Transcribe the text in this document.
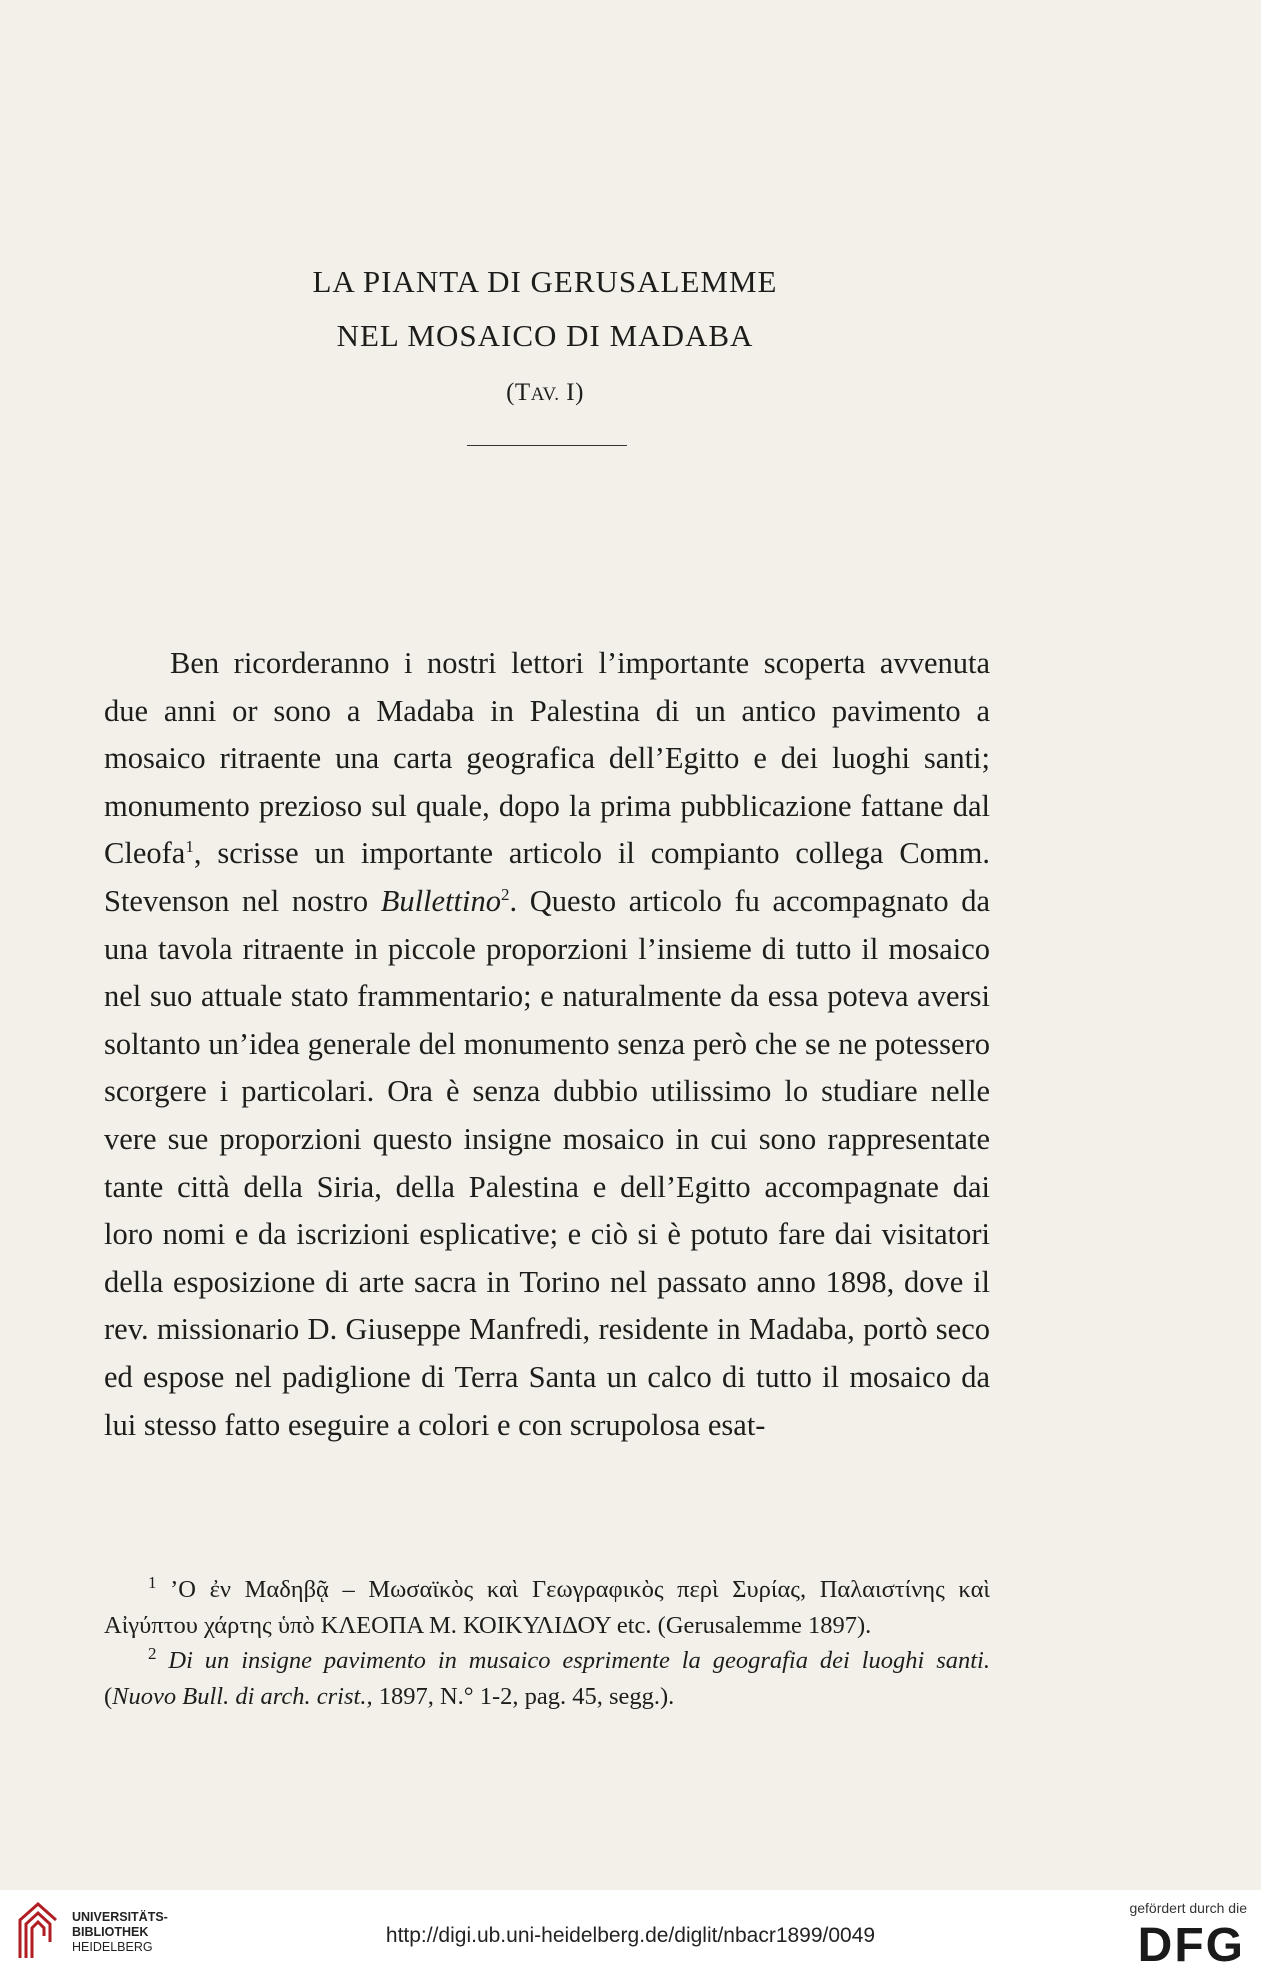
LA PIANTA DI GERUSALEMME
NEL MOSAICO DI MADABA
(TAV. I)

Ben ricorderanno i nostri lettori l’importante scoperta avvenuta due anni or sono a Madaba in Palestina di un antico pavimento a mosaico ritraente una carta geografica dell’Egitto e dei luoghi santi; monumento prezioso sul quale, dopo la prima pubblicazione fattane dal Cleofa$^1$, scrisse un importante articolo il compianto collega Comm. Stevenson nel nostro Bullettino$^2$. Questo articolo fu accompagnato da una tavola ritraente in piccole proporzioni l’insieme di tutto il mosaico nel suo attuale stato frammentario; e naturalmente da essa poteva aversi soltanto un’idea generale del monumento senza però che se ne potessero scorgere i particolari. Ora è senza dubbio utilissimo lo studiare nelle vere sue proporzioni questo insigne mosaico in cui sono rappresentate tante città della Siria, della Palestina e dell’Egitto accompagnate dai loro nomi e da iscrizioni esplicative; e ciò si è potuto fare dai visitatori della esposizione di arte sacra in Torino nel passato anno 1898, dove il rev. missionario D. Giuseppe Manfredi, residente in Madaba, portò seco ed espose nel padiglione di Terra Santa un calco di tutto il mosaico da lui stesso fatto eseguire a colori e con scrupolosa esat-

$^1$ ’Ο ἐν Μαδηβᾷ – Μωσαϊκὸς καὶ Γεωγραφικὸς περὶ Συρίας, Παλαιστίνης καὶ Αἰγύπτου χάρτης ὑπὸ ΚΛΕΟΠΑ Μ. ΚΟΙΚΥΛΙΔΟΥ etc. (Gerusalemme 1897).

$^2$ Di un insigne pavimento in musaico esprimente la geografia dei luoghi santi. (Nuovo Bull. di arch. crist., 1897, N.° 1-2, pag. 45, segg.).

UNIVERSITÄTS-
BIBLIOTHEK
HEIDELBERG	http://digi.ub.uni-heidelberg.de/diglit/nbacr1899/0049
gefördert durch die
DFG
